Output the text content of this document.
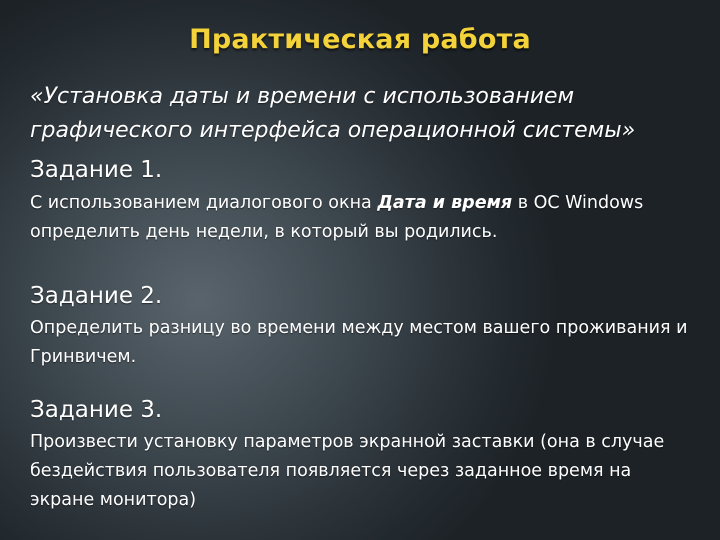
Практическая работа
«Установка даты и времени с использованием графического интерфейса операционной системы»
Задание 1.
С использованием диалогового окна Дата и время в ОС Windows определить день недели, в который вы родились.
Задание 2.
Определить разницу во времени между местом вашего проживания и Гринвичем.
Задание 3.
Произвести установку параметров экранной заставки (она в случае бездействия пользователя появляется через заданное время на экране монитора)
